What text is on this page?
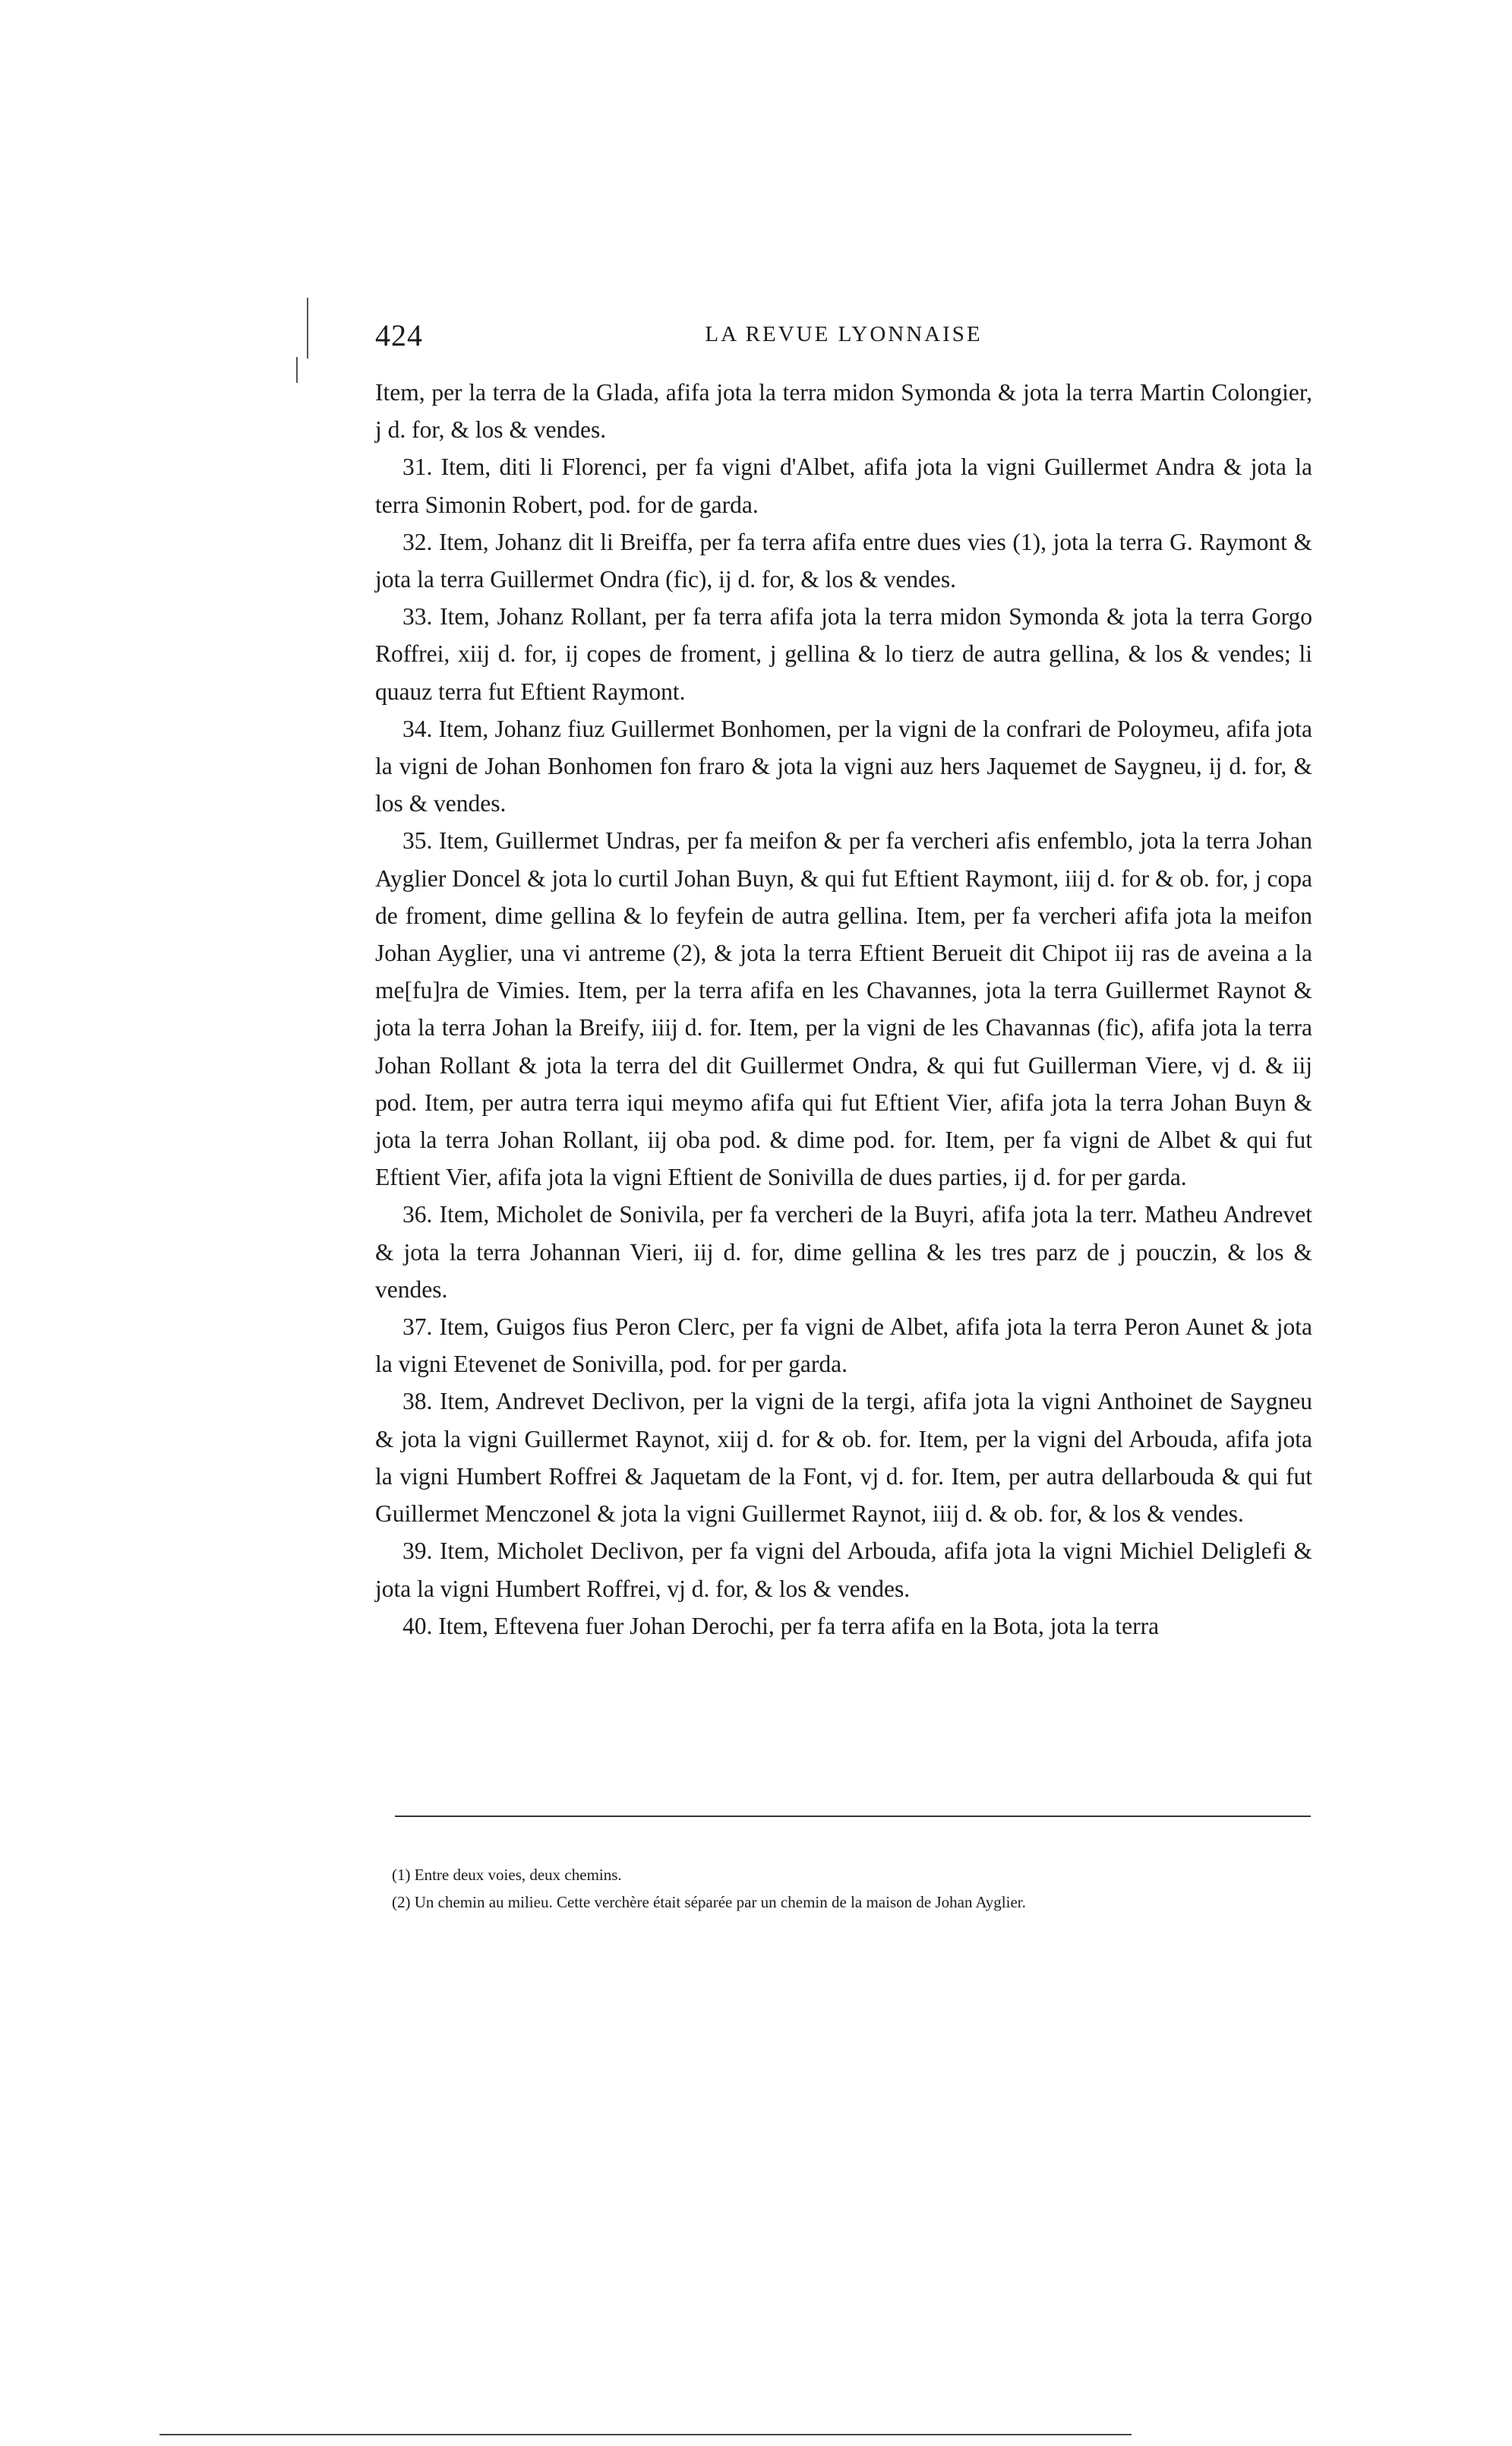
424	LA REVUE LYONNAISE

Item, per la terra de la Glada, afifa jota la terra midon Symonda & jota la terra Martin Colongier, j d. for, & los & vendes.

31. Item, diti li Florenci, per fa vigni d'Albet, afifa jota la vigni Guillermet Andra & jota la terra Simonin Robert, pod. for de garda.

32. Item, Johanz dit li Breiffa, per fa terra afifa entre dues vies (1), jota la terra G. Raymont & jota la terra Guillermet Ondra (fic), ij d. for, & los & vendes.

33. Item, Johanz Rollant, per fa terra afifa jota la terra midon Symonda & jota la terra Gorgo Roffrei, xiij d. for, ij copes de froment, j gellina & lo tierz de autra gellina, & los & vendes; li quauz terra fut Eftient Raymont.

34. Item, Johanz fiuz Guillermet Bonhomen, per la vigni de la confrari de Poloymeu, afifa jota la vigni de Johan Bonhomen fon fraro & jota la vigni auz hers Jaquemet de Saygneu, ij d. for, & los & vendes.

35. Item, Guillermet Undras, per fa meifon & per fa vercheri afis enfemblo, jota la terra Johan Ayglier Doncel & jota lo curtil Johan Buyn, & qui fut Eftient Raymont, iiij d. for & ob. for, j copa de froment, dime gellina & lo feyfein de autra gellina. Item, per fa vercheri afifa jota la meifon Johan Ayglier, una vi antreme (2), & jota la terra Eftient Berueit dit Chipot iij ras de aveina a la me[fu]ra de Vimies. Item, per la terra afifa en les Chavannes, jota la terra Guillermet Raynot & jota la terra Johan la Breify, iiij d. for. Item, per la vigni de les Chavannas (fic), afifa jota la terra Johan Rollant & jota la terra del dit Guillermet Ondra, & qui fut Guillerman Viere, vj d. & iij pod. Item, per autra terra iqui meymo afifa qui fut Eftient Vier, afifa jota la terra Johan Buyn & jota la terra Johan Rollant, iij oba pod. & dime pod. for. Item, per fa vigni de Albet & qui fut Eftient Vier, afifa jota la vigni Eftient de Sonivilla de dues parties, ij d. for per garda.

36. Item, Micholet de Sonivila, per fa vercheri de la Buyri, afifa jota la terr. Matheu Andrevet & jota la terra Johannan Vieri, iij d. for, dime gellina & les tres parz de j pouczin, & los & vendes.

37. Item, Guigos fius Peron Clerc, per fa vigni de Albet, afifa jota la terra Peron Aunet & jota la vigni Etevenet de Sonivilla, pod. for per garda.

38. Item, Andrevet Declivon, per la vigni de la tergi, afifa jota la vigni Anthoinet de Saygneu & jota la vigni Guillermet Raynot, xiij d. for & ob. for. Item, per la vigni del Arbouda, afifa jota la vigni Humbert Roffrei & Jaquetam de la Font, vj d. for. Item, per autra dellarbouda & qui fut Guillermet Menczonel & jota la vigni Guillermet Raynot, iiij d. & ob. for, & los & vendes.

39. Item, Micholet Declivon, per fa vigni del Arbouda, afifa jota la vigni Michiel Deliglefi & jota la vigni Humbert Roffrei, vj d. for, & los & vendes.

40. Item, Eftevena fuer Johan Derochi, per fa terra afifa en la Bota, jota la terra

(1) Entre deux voies, deux chemins.

(2) Un chemin au milieu. Cette verchère était séparée par un chemin de la maison de Johan Ayglier.
